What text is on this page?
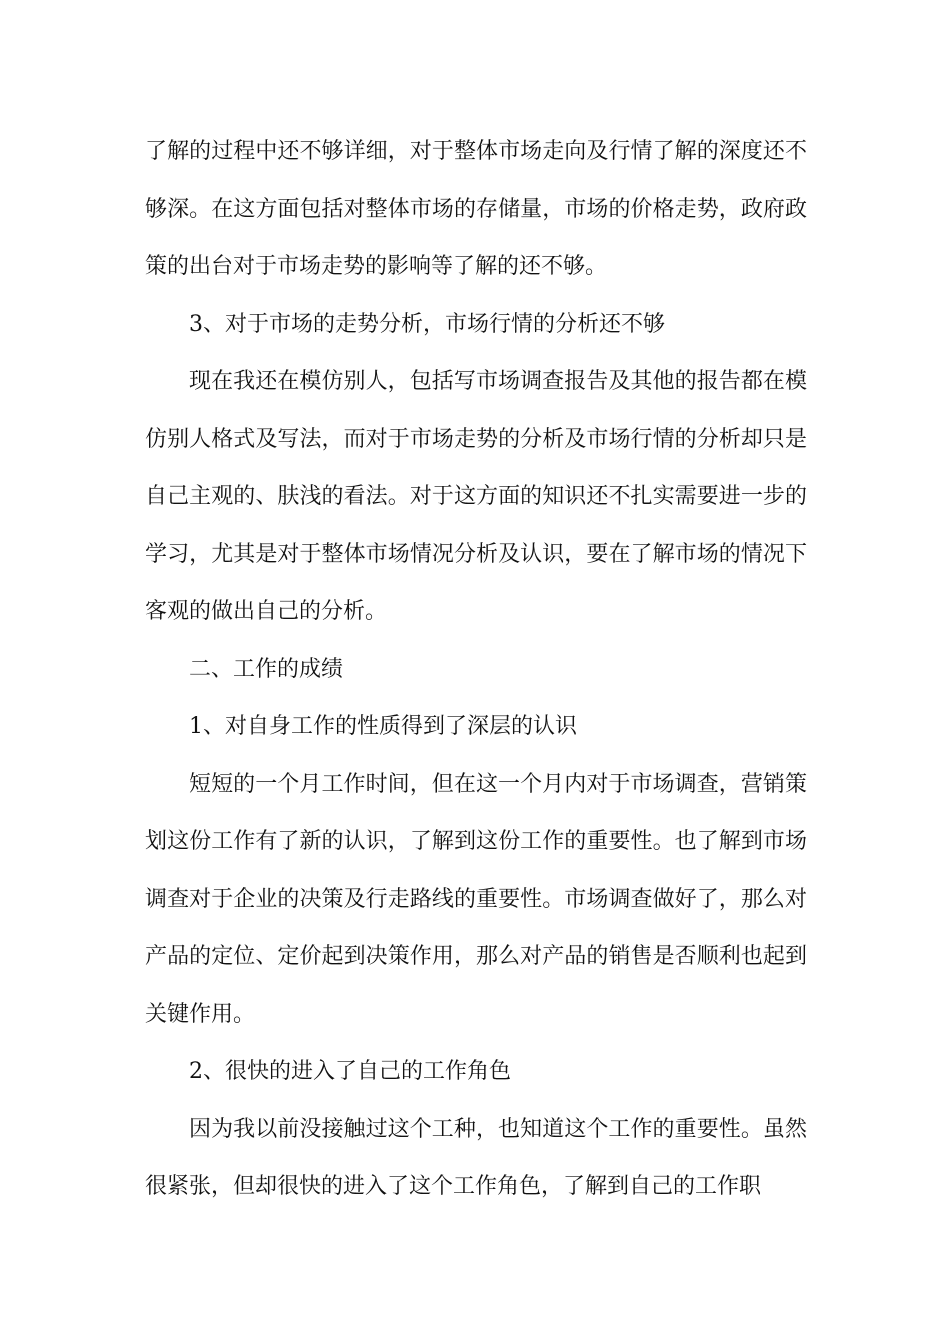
了解的过程中还不够详细，对于整体市场走向及行情了解的深度还不够深。在这方面包括对整体市场的存储量，市场的价格走势，政府政策的出台对于市场走势的影响等了解的还不够。

3、对于市场的走势分析，市场行情的分析还不够

现在我还在模仿别人，包括写市场调查报告及其他的报告都在模仿别人格式及写法，而对于市场走势的分析及市场行情的分析却只是自己主观的、肤浅的看法。对于这方面的知识还不扎实需要进一步的学习，尤其是对于整体市场情况分析及认识，要在了解市场的情况下客观的做出自己的分析。

二、工作的成绩

1、对自身工作的性质得到了深层的认识

短短的一个月工作时间，但在这一个月内对于市场调查，营销策划这份工作有了新的认识，了解到这份工作的重要性。也了解到市场调查对于企业的决策及行走路线的重要性。市场调查做好了，那么对产品的定位、定价起到决策作用，那么对产品的销售是否顺利也起到关键作用。

2、很快的进入了自己的工作角色

因为我以前没接触过这个工种，也知道这个工作的重要性。虽然很紧张，但却很快的进入了这个工作角色，了解到自己的工作职
